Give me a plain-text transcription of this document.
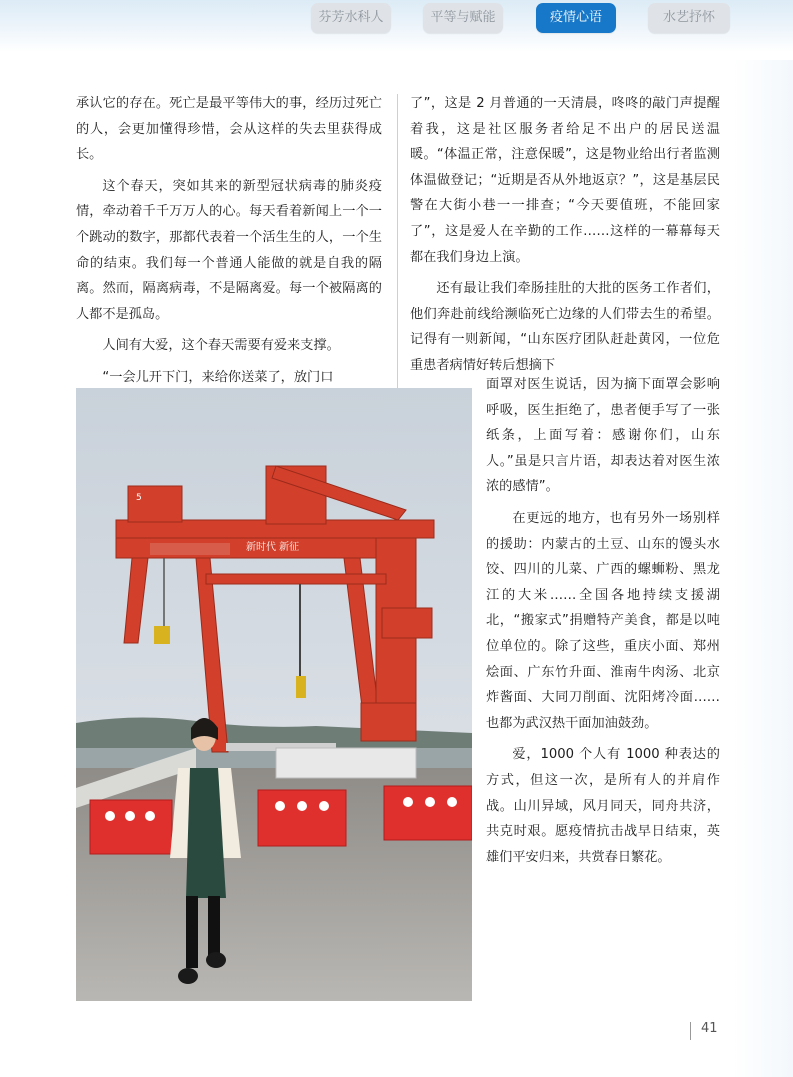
芬芳水科人	平等与赋能	疫情心语	水艺抒怀

承认它的存在。死亡是最平等伟大的事，经历过死亡的人，会更加懂得珍惜，会从这样的失去里获得成长。

这个春天，突如其来的新型冠状病毒的肺炎疫情，牵动着千千万万人的心。每天看着新闻上一个一个跳动的数字，那都代表着一个活生生的人，一个生命的结束。我们每一个普通人能做的就是自我的隔离。然而，隔离病毒，不是隔离爱。每一个被隔离的人都不是孤岛。

人间有大爱，这个春天需要有爱来支撑。

“一会儿开下门，来给你送菜了，放门口

了”，这是 2 月普通的一天清晨，咚咚的敲门声提醒着我，这是社区服务者给足不出户的居民送温暖。“体温正常，注意保暖”，这是物业给出行者监测体温做登记；“近期是否从外地返京？”，这是基层民警在大街小巷一一排查；“今天要值班，不能回家了”，这是爱人在辛勤的工作……这样的一幕幕每天都在我们身边上演。

还有最让我们牵肠挂肚的大批的医务工作者们，他们奔赴前线给濒临死亡边缘的人们带去生的希望。记得有一则新闻，“山东医疗团队赶赴黄冈，一位危重患者病情好转后想摘下

面罩对医生说话，因为摘下面罩会影响呼吸，医生拒绝了，患者便手写了一张纸条，上面写着：感谢你们，山东人。”虽是只言片语，却表达着对医生浓浓的感情”。

在更远的地方，也有另外一场别样的援助：内蒙古的土豆、山东的馒头水饺、四川的儿菜、广西的螺蛳粉、黑龙江的大米……全国各地持续支援湖北，“搬家式”捐赠特产美食，都是以吨位单位的。除了这些，重庆小面、郑州烩面、广东竹升面、淮南牛肉汤、北京炸酱面、大同刀削面、沈阳烤冷面……也都为武汉热干面加油鼓劲。

爱，1000 个人有 1000 种表达的方式，但这一次，是所有人的并肩作战。山川异域，风月同天，同舟共济，共克时艰。愿疫情抗击战早日结束，英雄们平安归来，共赏春日繁花。

新时代 新征
5
41
